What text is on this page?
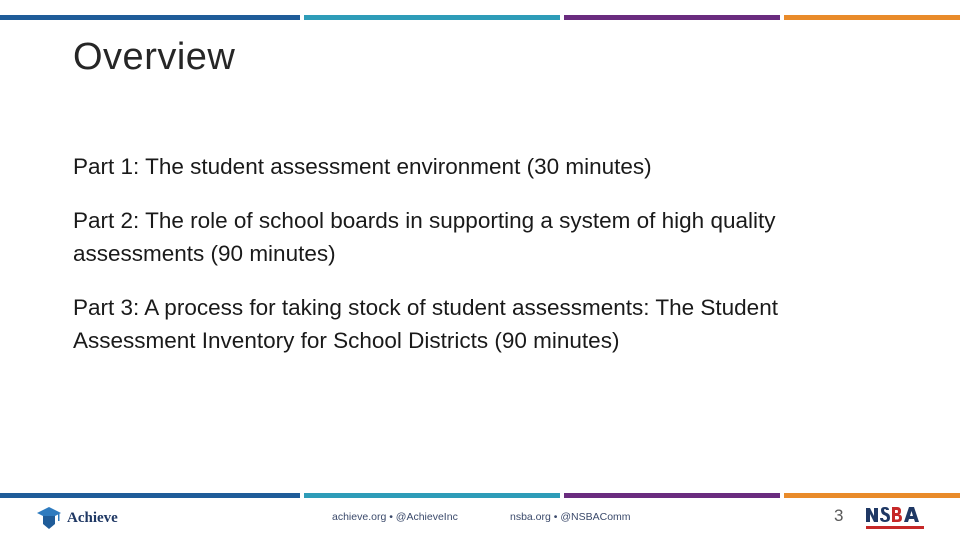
Overview

Part 1: The student assessment environment (30 minutes)

Part 2: The role of school boards in supporting a system of high quality assessments (90 minutes)

Part 3: A process for taking stock of student assessments: The Student Assessment Inventory for School Districts (90 minutes)

Achieve	achieve.org • @AchieveInc	nsba.org • @NSBAComm	3
